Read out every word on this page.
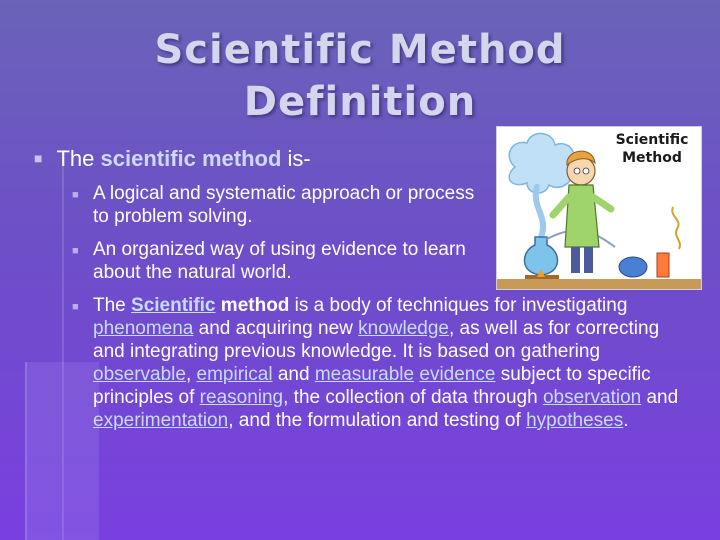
Scientific Method
Definition
■ The scientific method is-
■ A logical and systematic approach or process to problem solving.
■ An organized way of using evidence to learn about the natural world.
■ The Scientific method is a body of techniques for investigating phenomena and acquiring new knowledge, as well as for correcting and integrating previous knowledge. It is based on gathering observable, empirical and measurable evidence subject to specific principles of reasoning, the collection of data through observation and experimentation, and the formulation and testing of hypotheses.
Scientific
Method
